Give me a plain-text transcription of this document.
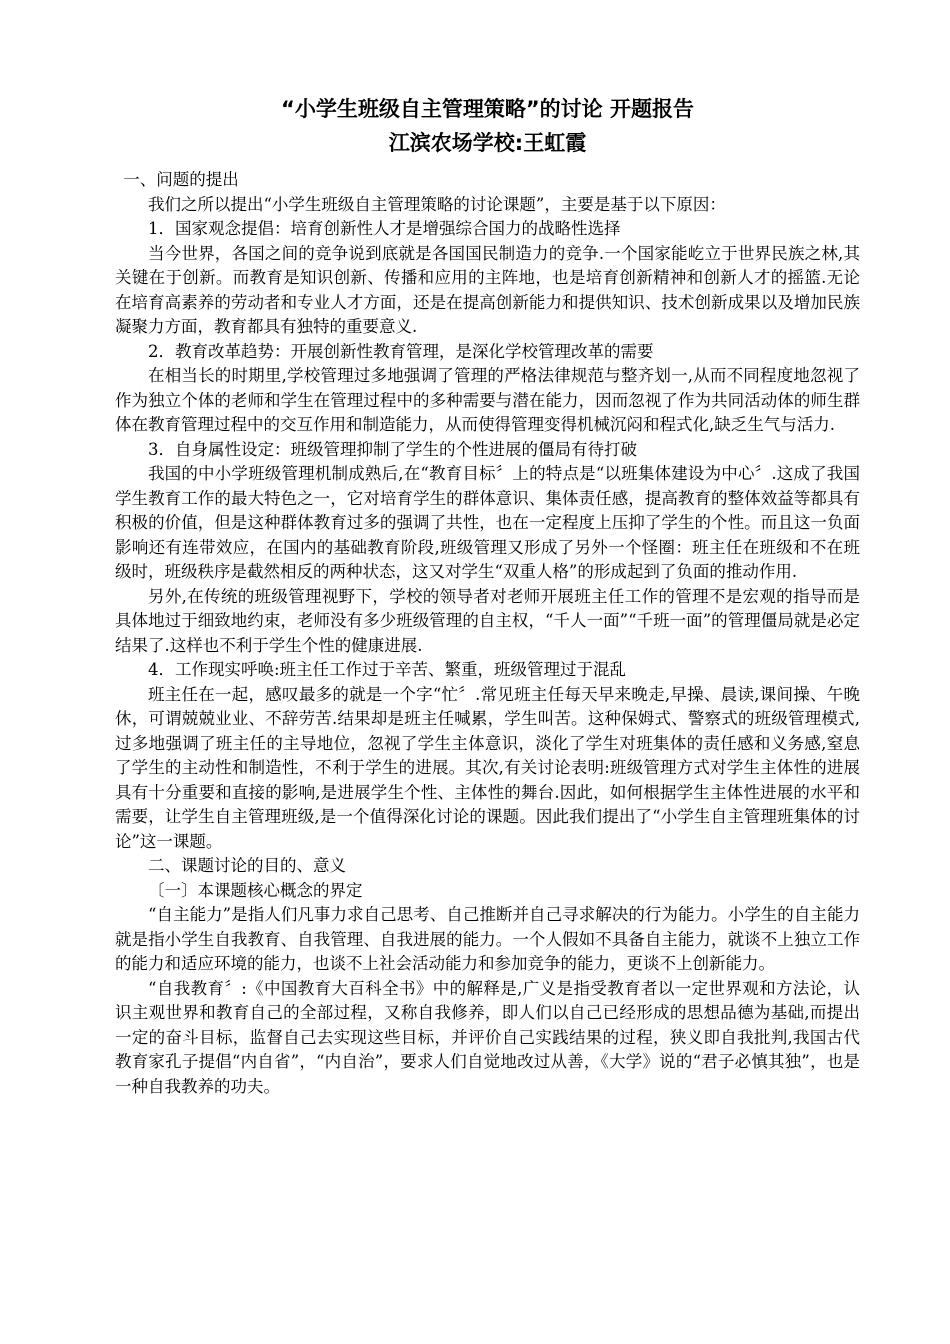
“小学生班级自主管理策略”的讨论 开题报告

江滨农场学校:王虹霞

一、问题的提出

我们之所以提出“小学生班级自主管理策略的讨论课题”，主要是基于以下原因：

1．国家观念提倡：培育创新性人才是增强综合国力的战略性选择

当今世界，各国之间的竞争说到底就是各国国民制造力的竞争.一个国家能屹立于世界民族之林,其关键在于创新。而教育是知识创新、传播和应用的主阵地，也是培育创新精神和创新人才的摇篮.无论在培育高素养的劳动者和专业人才方面，还是在提高创新能力和提供知识、技术创新成果以及增加民族凝聚力方面，教育都具有独特的重要意义.

2．教育改革趋势：开展创新性教育管理，是深化学校管理改革的需要

在相当长的时期里,学校管理过多地强调了管理的严格法律规范与整齐划一,从而不同程度地忽视了作为独立个体的老师和学生在管理过程中的多种需要与潜在能力，因而忽视了作为共同活动体的师生群体在教育管理过程中的交互作用和制造能力，从而使得管理变得机械沉闷和程式化,缺乏生气与活力.

3．自身属性设定：班级管理抑制了学生的个性进展的僵局有待打破

我国的中小学班级管理机制成熟后,在“教育目标〞上的特点是“以班集体建设为中心〞.这成了我国学生教育工作的最大特色之一，它对培育学生的群体意识、集体责任感，提高教育的整体效益等都具有积极的价值，但是这种群体教育过多的强调了共性，也在一定程度上压抑了学生的个性。而且这一负面影响还有连带效应，在国内的基础教育阶段,班级管理又形成了另外一个怪圈：班主任在班级和不在班级时，班级秩序是截然相反的两种状态，这又对学生“双重人格”的形成起到了负面的推动作用.

另外,在传统的班级管理视野下，学校的领导者对老师开展班主任工作的管理不是宏观的指导而是具体地过于细致地约束，老师没有多少班级管理的自主权，“千人一面”“千班一面”的管理僵局就是必定结果了.这样也不利于学生个性的健康进展.

4．工作现实呼唤:班主任工作过于辛苦、繁重，班级管理过于混乱

班主任在一起，感叹最多的就是一个字“忙〞.常见班主任每天早来晚走,早操、晨读,课间操、午晚休，可谓兢兢业业、不辞劳苦.结果却是班主任喊累，学生叫苦。这种保姆式、警察式的班级管理模式,过多地强调了班主任的主导地位，忽视了学生主体意识，淡化了学生对班集体的责任感和义务感,窒息了学生的主动性和制造性，不利于学生的进展。其次,有关讨论表明:班级管理方式对学生主体性的进展具有十分重要和直接的影响,是进展学生个性、主体性的舞台.因此，如何根据学生主体性进展的水平和需要，让学生自主管理班级,是一个值得深化讨论的课题。因此我们提出了“小学生自主管理班集体的讨论”这一课题。

二、课题讨论的目的、意义

〔一〕本课题核心概念的界定

“自主能力”是指人们凡事力求自己思考、自己推断并自己寻求解决的行为能力。小学生的自主能力就是指小学生自我教育、自我管理、自我进展的能力。一个人假如不具备自主能力，就谈不上独立工作的能力和适应环境的能力，也谈不上社会活动能力和参加竞争的能力，更谈不上创新能力。

“自我教育〞:《中国教育大百科全书》中的解释是,广义是指受教育者以一定世界观和方法论，认识主观世界和教育自己的全部过程，又称自我修养，即人们以自己已经形成的思想品德为基础,而提出一定的奋斗目标，监督自己去实现这些目标，并评价自己实践结果的过程，狭义即自我批判,我国古代教育家孔子提倡“内自省”，“内自治”，要求人们自觉地改过从善，《大学》说的“君子必慎其独”，也是一种自我教养的功夫。
